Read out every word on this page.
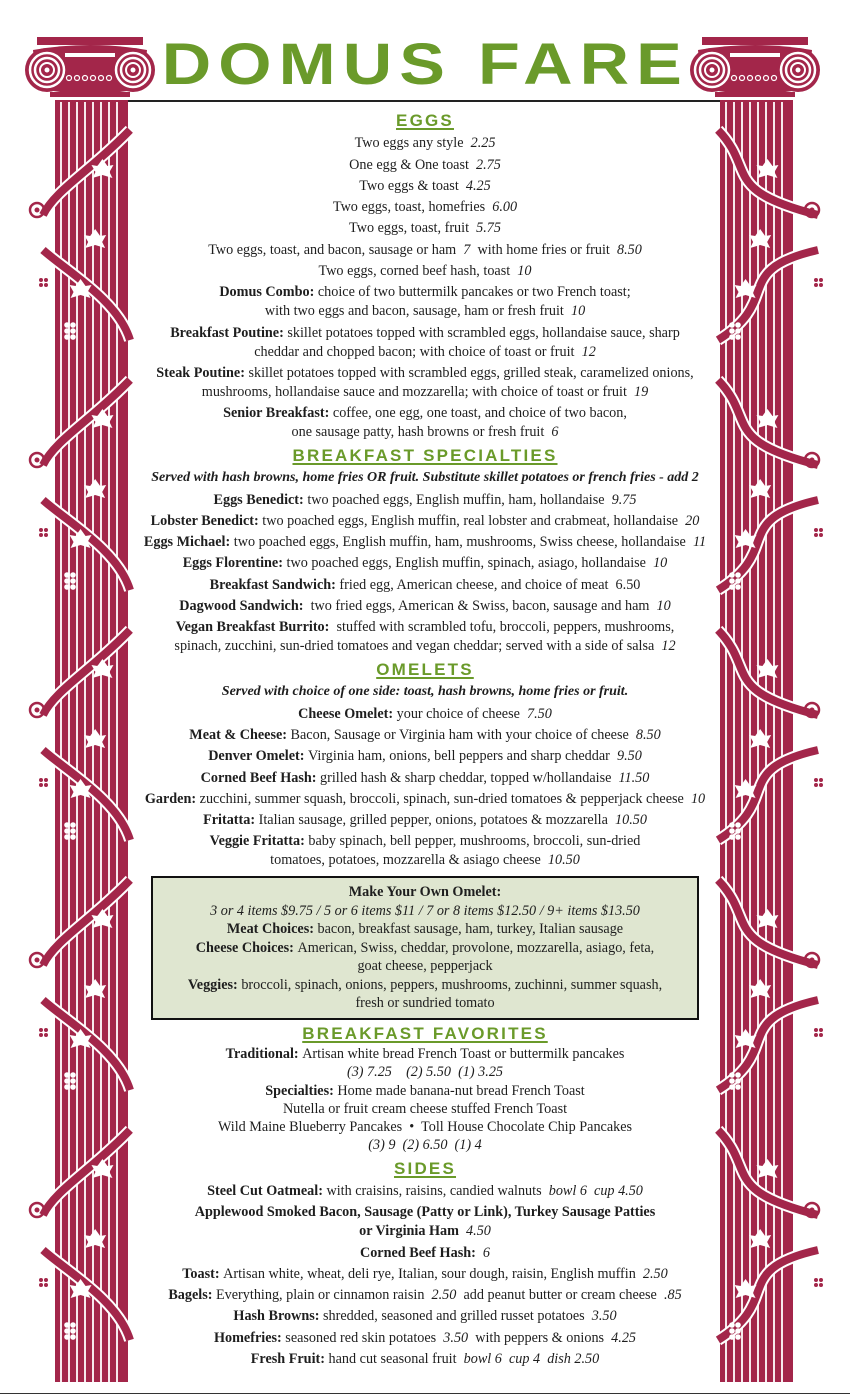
DOMUS FARE
EGGS
Two eggs any style  2.25
One egg & One toast  2.75
Two eggs & toast  4.25
Two eggs, toast, homefries  6.00
Two eggs, toast, fruit  5.75
Two eggs, toast, and bacon, sausage or ham  7  with home fries or fruit  8.50
Two eggs, corned beef hash, toast  10
Domus Combo: choice of two buttermilk pancakes or two French toast;
with two eggs and bacon, sausage, ham or fresh fruit  10
Breakfast Poutine: skillet potatoes topped with scrambled eggs, hollandaise sauce, sharp
cheddar and chopped bacon; with choice of toast or fruit  12
Steak Poutine: skillet potatoes topped with scrambled eggs, grilled steak, caramelized onions,
mushrooms, hollandaise sauce and mozzarella; with choice of toast or fruit  19
Senior Breakfast: coffee, one egg, one toast, and choice of two bacon,
one sausage patty, hash browns or fresh fruit  6
BREAKFAST SPECIALTIES
Served with hash browns, home fries OR fruit. Substitute skillet potatoes or french fries - add 2
Eggs Benedict: two poached eggs, English muffin, ham, hollandaise  9.75
Lobster Benedict: two poached eggs, English muffin, real lobster and crabmeat, hollandaise  20
Eggs Michael: two poached eggs, English muffin, ham, mushrooms, Swiss cheese, hollandaise  11
Eggs Florentine: two poached eggs, English muffin, spinach, asiago, hollandaise  10
Breakfast Sandwich: fried egg, American cheese, and choice of meat  6.50
Dagwood Sandwich:  two fried eggs, American & Swiss, bacon, sausage and ham  10
Vegan Breakfast Burrito:  stuffed with scrambled tofu, broccoli, peppers, mushrooms,
spinach, zucchini, sun-dried tomatoes and vegan cheddar; served with a side of salsa  12
OMELETS
Served with choice of one side: toast, hash browns, home fries or fruit.
Cheese Omelet: your choice of cheese  7.50
Meat & Cheese: Bacon, Sausage or Virginia ham with your choice of cheese  8.50
Denver Omelet: Virginia ham, onions, bell peppers and sharp cheddar  9.50
Corned Beef Hash: grilled hash & sharp cheddar, topped w/hollandaise  11.50
Garden: zucchini, summer squash, broccoli, spinach, sun-dried tomatoes & pepperjack cheese  10
Fritatta: Italian sausage, grilled pepper, onions, potatoes & mozzarella  10.50
Veggie Fritatta: baby spinach, bell pepper, mushrooms, broccoli, sun-dried
tomatoes, potatoes, mozzarella & asiago cheese  10.50
Make Your Own Omelet:
3 or 4 items $9.75 / 5 or 6 items $11 / 7 or 8 items $12.50 / 9+ items $13.50
Meat Choices: bacon, breakfast sausage, ham, turkey, Italian sausage
Cheese Choices: American, Swiss, cheddar, provolone, mozzarella, asiago, feta,
goat cheese, pepperjack
Veggies: broccoli, spinach, onions, peppers, mushrooms, zuchinni, summer squash,
fresh or sundried tomato
BREAKFAST FAVORITES
Traditional: Artisan white bread French Toast or buttermilk pancakes
(3) 7.25    (2) 5.50  (1) 3.25
Specialties: Home made banana-nut bread French Toast
Nutella or fruit cream cheese stuffed French Toast
Wild Maine Blueberry Pancakes  •  Toll House Chocolate Chip Pancakes
(3) 9  (2) 6.50  (1) 4
SIDES
Steel Cut Oatmeal: with craisins, raisins, candied walnuts  bowl 6  cup 4.50
Applewood Smoked Bacon, Sausage (Patty or Link), Turkey Sausage Patties
or Virginia Ham  4.50
Corned Beef Hash:  6
Toast: Artisan white, wheat, deli rye, Italian, sour dough, raisin, English muffin  2.50
Bagels: Everything, plain or cinnamon raisin  2.50  add peanut butter or cream cheese  .85
Hash Browns: shredded, seasoned and grilled russet potatoes  3.50
Homefries: seasoned red skin potatoes  3.50  with peppers & onions  4.25
Fresh Fruit: hand cut seasonal fruit  bowl 6  cup 4  dish 2.50
